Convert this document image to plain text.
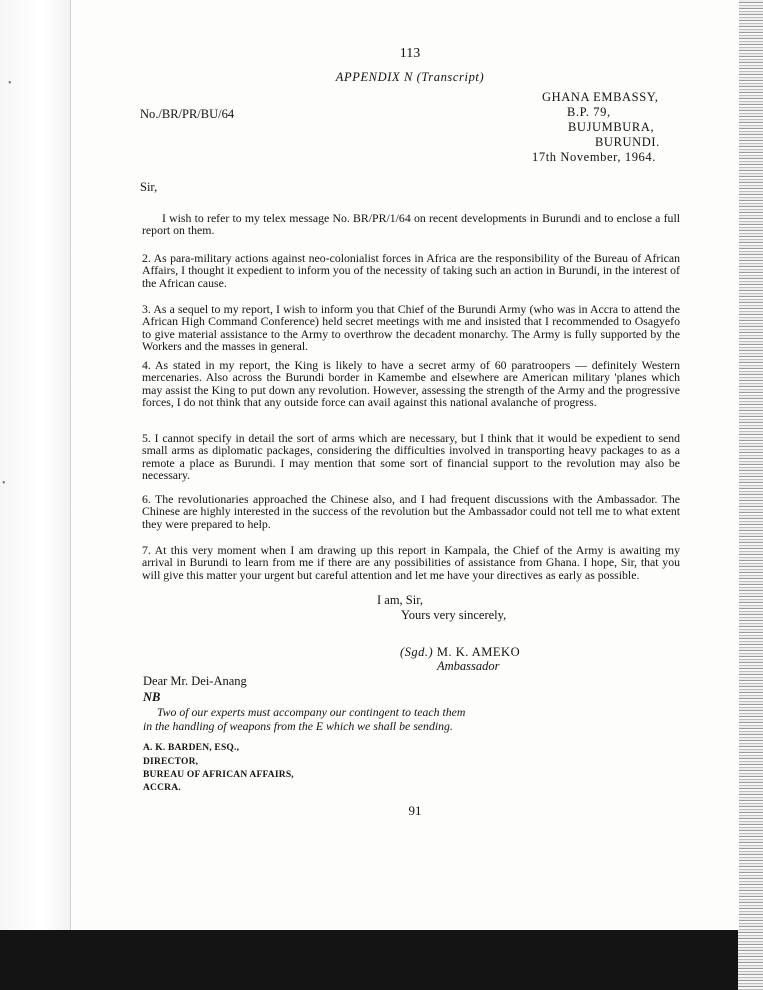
•
•
113
APPENDIX N (Transcript)
No./BR/PR/BU/64
GHANA EMBASSY,
B.P. 79,
BUJUMBURA,
BURUNDI.
17th November, 1964.
Sir,

I wish to refer to my telex message No. BR/PR/1/64 on recent developments in Burundi and to enclose a full report on them.

2. As para-military actions against neo-colonialist forces in Africa are the responsibility of the Bureau of African Affairs, I thought it expedient to inform you of the necessity of taking such an action in Burundi, in the interest of the African cause.

3. As a sequel to my report, I wish to inform you that Chief of the Burundi Army (who was in Accra to attend the African High Command Conference) held secret meetings with me and insisted that I recommended to Osagyefo to give material assistance to the Army to overthrow the decadent monarchy. The Army is fully supported by the Workers and the masses in general.

4. As stated in my report, the King is likely to have a secret army of 60 paratroopers — definitely Western mercenaries. Also across the Burundi border in Kamembe and elsewhere are American military 'planes which may assist the King to put down any revolution. However, assessing the strength of the Army and the progressive forces, I do not think that any outside force can avail against this national avalanche of progress.

5. I cannot specify in detail the sort of arms which are necessary, but I think that it would be expedient to send small arms as diplomatic packages, considering the difficulties involved in transporting heavy packages to as a remote a place as Burundi. I may mention that some sort of financial support to the revolution may also be necessary.

6. The revolutionaries approached the Chinese also, and I had frequent discussions with the Ambassador. The Chinese are highly interested in the success of the revolution but the Ambassador could not tell me to what extent they were prepared to help.

7. At this very moment when I am drawing up this report in Kampala, the Chief of the Army is awaiting my arrival in Burundi to learn from me if there are any possibilities of assistance from Ghana. I hope, Sir, that you will give this matter your urgent but careful attention and let me have your directives as early as possible.

I am, Sir,
Yours very sincerely,
(Sgd.) M. K. AMEKO
Ambassador
Dear Mr. Dei-Anang
NB
Two of our experts must accompany our contingent to teach them
in the handling of weapons from the E which we shall be sending.
A. K. BARDEN, ESQ.,
DIRECTOR,
BUREAU OF AFRICAN AFFAIRS,
ACCRA.
91
